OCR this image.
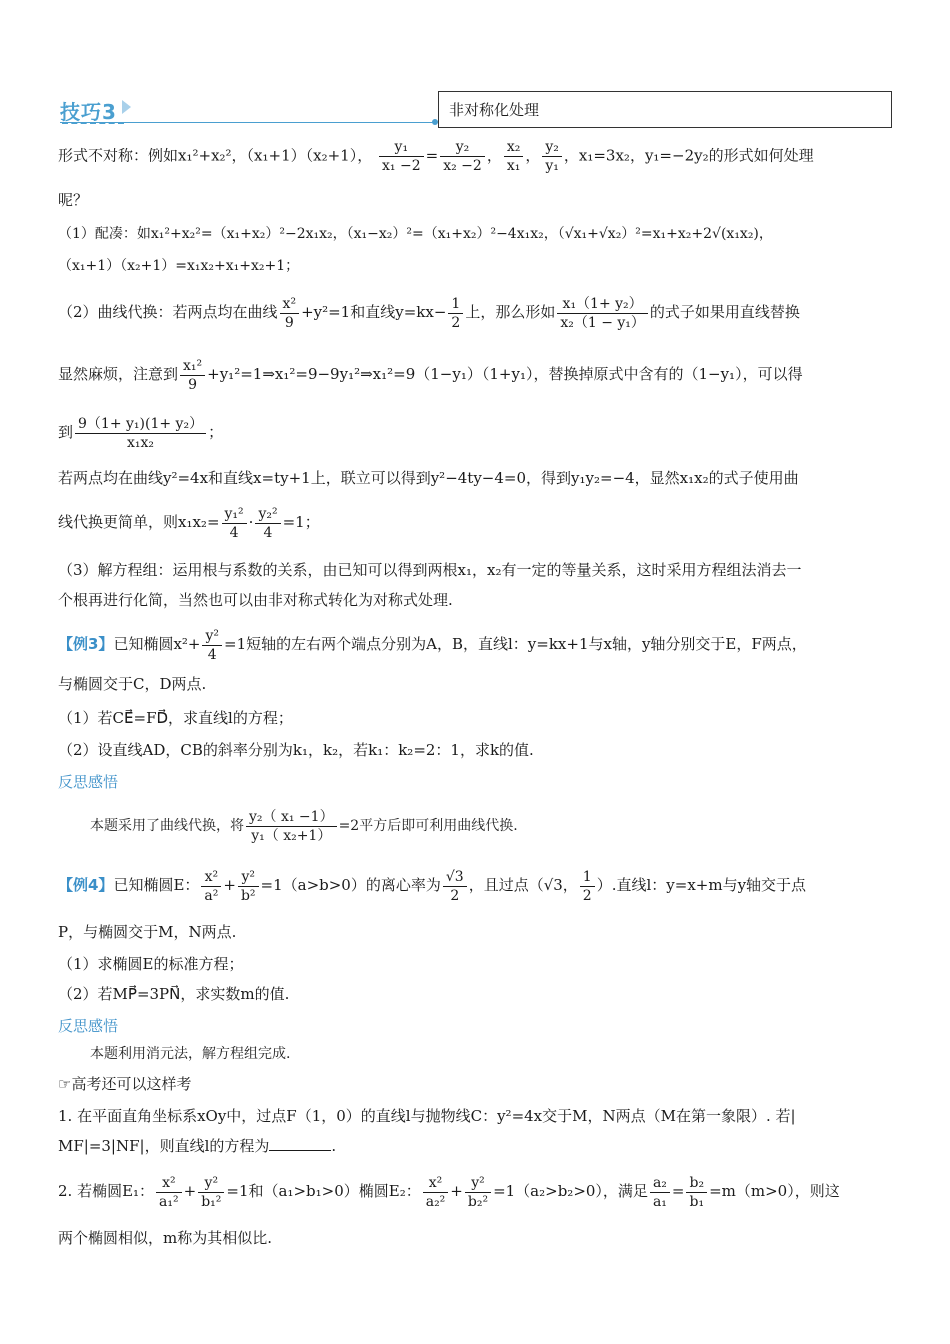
技巧3	非对称化处理

形式不对称：例如x₁²+x₂²，（x₁+1）（x₂+1）， $\frac{\text{y₁}}{\text{x₁ −2}} = \frac{\text{y₂}}{\text{x₂ −2}}$ ， $\frac{\text{x₂}}{\text{x₁}}$ ， $\frac{\text{y₂}}{\text{y₁}}$ ，x₁=3x₂，y₁=−2y₂的形式如何处理

呢？

（1）配凑：如x₁²+x₂²=（x₁+x₂）²−2x₁x₂，（x₁−x₂）²=（x₁+x₂）²−4x₁x₂，（√x₁+√x₂）²=x₁+x₂+2√(x₁x₂)，

（x₁+1）（x₂+1）=x₁x₂+x₁+x₂+1；

（2）曲线代换：若两点均在曲线 $\frac{\text{x²}}{9} +y^2=1$和直线$y=kx- \frac{1}{2}$ 上，那么形如 $\frac{\text{x₁（1+ y₂）}}{\text{x₂（1 − y₁）}}$ 的式子如果用直线替换

显然麻烦，注意到 $\frac{\text{x₁²}}{9}$ +y₁²=1⇒x₁²=9−9y₁²⇒x₁²=9（1−y₁）（1+y₁），替换掉原式中含有的（1−y₁），可以得

到 $\frac{\text{9（1+ y₁)(1+ y₂）}}{\text{x₁x₂}}$ ；

若两点均在曲线y²=4x和直线x=ty+1上，联立可以得到y²−4ty−4=0，得到y₁y₂=−4，显然x₁x₂的式子使用曲

线代换更简单，则$x_1x_2= \frac{\text{y₁²}}{4} \cdot \frac{\text{y₂²}}{4} =1$；

（3）解方程组：运用根与系数的关系，由已知可以得到两根x₁，x₂有一定的等量关系，这时采用方程组法消去一

个根再进行化简，当然也可以由非对称式转化为对称式处理.

【例3】已知椭圆$x^2+ \frac{\text{y²}}{4} =1$短轴的左右两个端点分别为A，B，直线l：y=kx+1与x轴，y轴分别交于E，F两点，

与椭圆交于C，D两点.

（1）若CE⃗=FD⃗，求直线l的方程；

（2）设直线AD，CB的斜率分别为k₁，k₂，若k₁：k₂=2：1，求k的值.

反思感悟

本题采用了曲线代换，将 $\frac{\text{y₂（ x₁ −1）}}{\text{y₁（ x₂+1）}} =2$平方后即可利用曲线代换.

【例4】已知椭圆E： $\frac{\text{x²}}{\text{a²}} + \frac{\text{y²}}{\text{b²}} =1(a>b>0)$的离心率为 $\frac{√3}{2}$ ，且过点（√3， $\frac{1}{2}$ ）.直线l：y=x+m与y轴交于点

P，与椭圆交于M，N两点.

（1）求椭圆E的标准方程；

（2）若MP⃗=3PN⃗，求实数m的值.

反思感悟

本题利用消元法，解方程组完成.

☞高考还可以这样考

1. 在平面直角坐标系xOy中，过点F（1，0）的直线l与抛物线C：y²=4x交于M，N两点（M在第一象限）. 若|

MF|=3|NF|，则直线l的方程为	.

2. 若椭圆E₁： $\frac{\text{x²}}{\text{a₁²}} + \frac{\text{y²}}{\text{b₁²}} =1$和（a₁>b₁>0）椭圆E₂： $\frac{\text{x²}}{\text{a₂²}} + \frac{\text{y²}}{\text{b₂²}} =1(a_2>b_2>0)$，满足 $\frac{\text{a₂}}{\text{a₁}} = \frac{\text{b₂}}{\text{b₁}} =m(m>0)$，则这

两个椭圆相似，m称为其相似比.
